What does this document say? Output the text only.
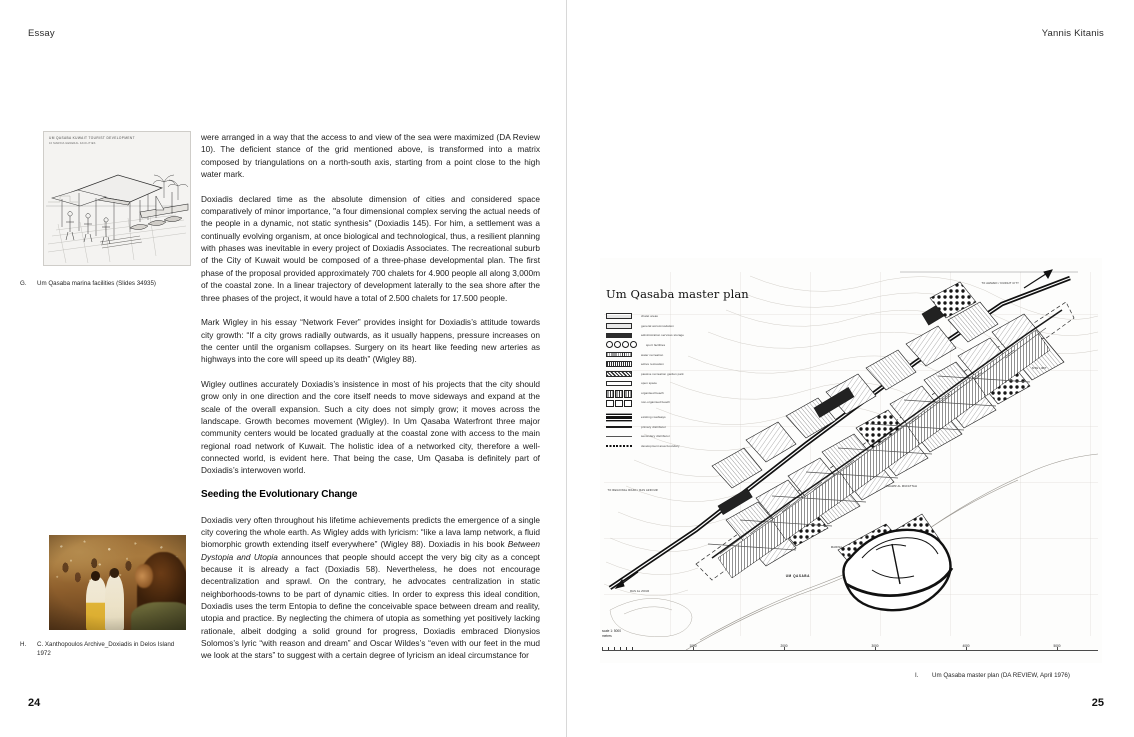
Essay
UM QASABA KUWAIT TOURIST DEVELOPMENT
10 MARINA GENERAL FACILITIES
G.	Um Qasaba marina facilities (Slides 34935)
H.	C. Xanthopoulos Archive_Doxiadis in Delos Island 1972

were arranged in a way that the access to and view of the sea were maximized (DA Review 10). The deficient stance of the grid mentioned above, is transformed into a matrix composed by triangulations on a north-south axis, starting from a point close to the high water mark.

Doxiadis declared time as the absolute dimension of cities and considered space comparatively of minor importance, "a four dimensional complex serving the actual needs of the people in a dynamic, not static synthesis" (Doxiadis 145). For him, a settlement was a continually evolving organism, at once biological and technological, thus, a resilient planning with phases was inevitable in every project of Doxiadis Associates. The recreational suburb of the City of Kuwait would be composed of a three-phase developmental plan. The first phase of the proposal provided approximately 700 chalets for 4.900 people all along 3,000m of the coastal zone. In a linear trajectory of development laterally to the sea shore after the three phases of the project, it would have a total of 2.500 chalets for 17.500 people.

Mark Wigley in his essay “Network Fever” provides insight for Doxiadis’s attitude towards city growth: “If a city grows radially outwards, as it usually happens, pressure increases on the center until the organism collapses. Surgery on its heart like feeding new arteries as highways into the core will speed up its death” (Wigley 88).

Wigley outlines accurately Doxiadis’s insistence in most of his projects that the city should grow only in one direction and the core itself needs to move sideways and expand at the scale of the overall expansion. Such a city does not simply grow; it moves across the landscape. Growth becomes movement (Wigley). In Um Qasaba Waterfront three major community centers would be located gradually at the coastal zone with access to the main regional road network of Kuwait. The holistic idea of a networked city, therefore a well-connected world, is evident here. That being the case, Um Qasaba is definitely part of Doxiadis’s interwoven world.

Seeding the Evolutionary Change

Doxiadis very often throughout his lifetime achievements predicts the emergence of a single city covering the whole earth. As Wigley adds with lyricism: “like a lava lamp network, a fluid biomorphic growth extending itself everywhere” (Wigley 88). Doxiadis in his book Between Dystopia and Utopia announces that people should accept the very big city as a concept because it is already a fact (Doxiadis 58). Nevertheless, he does not encourage decentralization and sprawl. On the contrary, he advocates centralization in static neighborhoods-towns to be part of dynamic cities. In order to express this ideal condition, Doxiadis uses the term Entopia to define the conceivable space between dream and reality, utopia and practice. By neglecting the chimera of utopia as something yet positively lacking rationale, albeit dodging a solid ground for progress, Doxiadis embraced Dionysios Solomos’s lyric “with reason and dream” and Oscar Wildes’s “even with our feet in the mud we look at the stars” to suggest with a certain degree of lyricism an ideal circumstance for

24
Yannis Kitanis
Um Qasaba master plan
chalet areas
general accommodation
administration services storage
sport facilities
water recreation
active recreation
passive recreation garden park
open space
organised beach
non-organised beach
existing roadways
primary distributor
secondary distributor
development area boundary
UM QASABA
MARINA
TO AHMADI / KUWAIT CITY
TO REGIONAL ROAD / RAS AZZOUR
RAS AL ZOUR
KHAWR AL MUFATTAH
SITE LIMIT
scale 1: 5000
metres
1000	2000	3000	4000	5000
I.	Um Qasaba master plan (DA REVIEW, April 1976)
25
